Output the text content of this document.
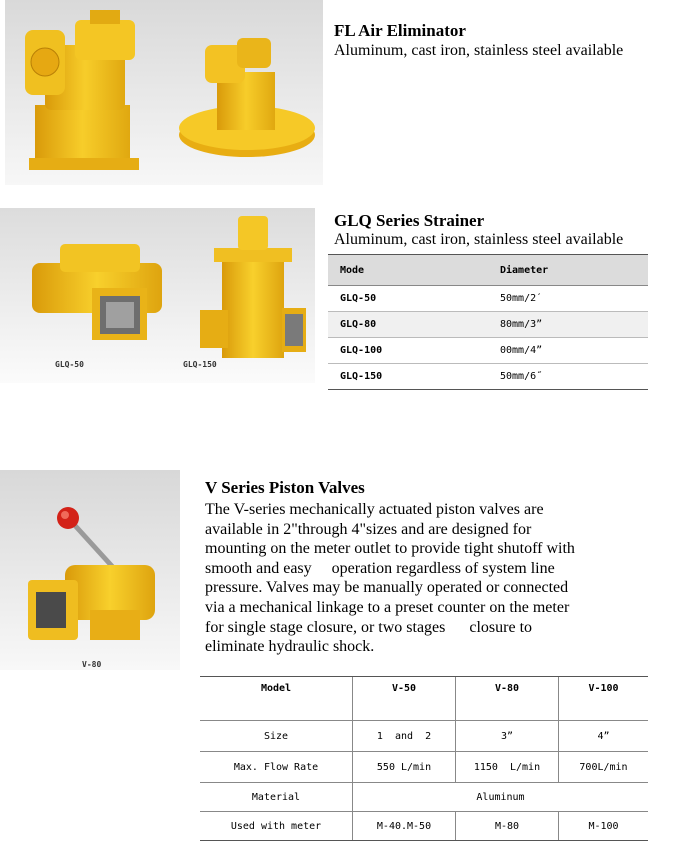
FL Air Eliminator
Aluminum, cast iron, stainless steel available
GLQ-50	GLQ-150
GLQ Series Strainer
Aluminum, cast iron, stainless steel available
Mode	Diameter
GLQ-50	50mm/2ˊ
GLQ-80	80mm/3”
GLQ-100	00mm/4”
GLQ-150	50mm/6˝
V-80
V Series Piston Valves
The V-series mechanically actuated piston valves are
available in 2"through 4"sizes and are designed for
mounting on the meter outlet to provide tight shutoff with
smooth and easy     operation regardless of system line
pressure. Valves may be manually operated or connected
via a mechanical linkage to a preset counter on the meter
for single stage closure, or two stages      closure to
eliminate hydraulic shock.
Model	V-50	V-80	V-100
Size	1  and  2	3”	4”
Max. Flow Rate	550 L/min	1150  L/min	700L/min
Material	Aluminum		
Used with meter	M-40.M-50	M-80	M-100
